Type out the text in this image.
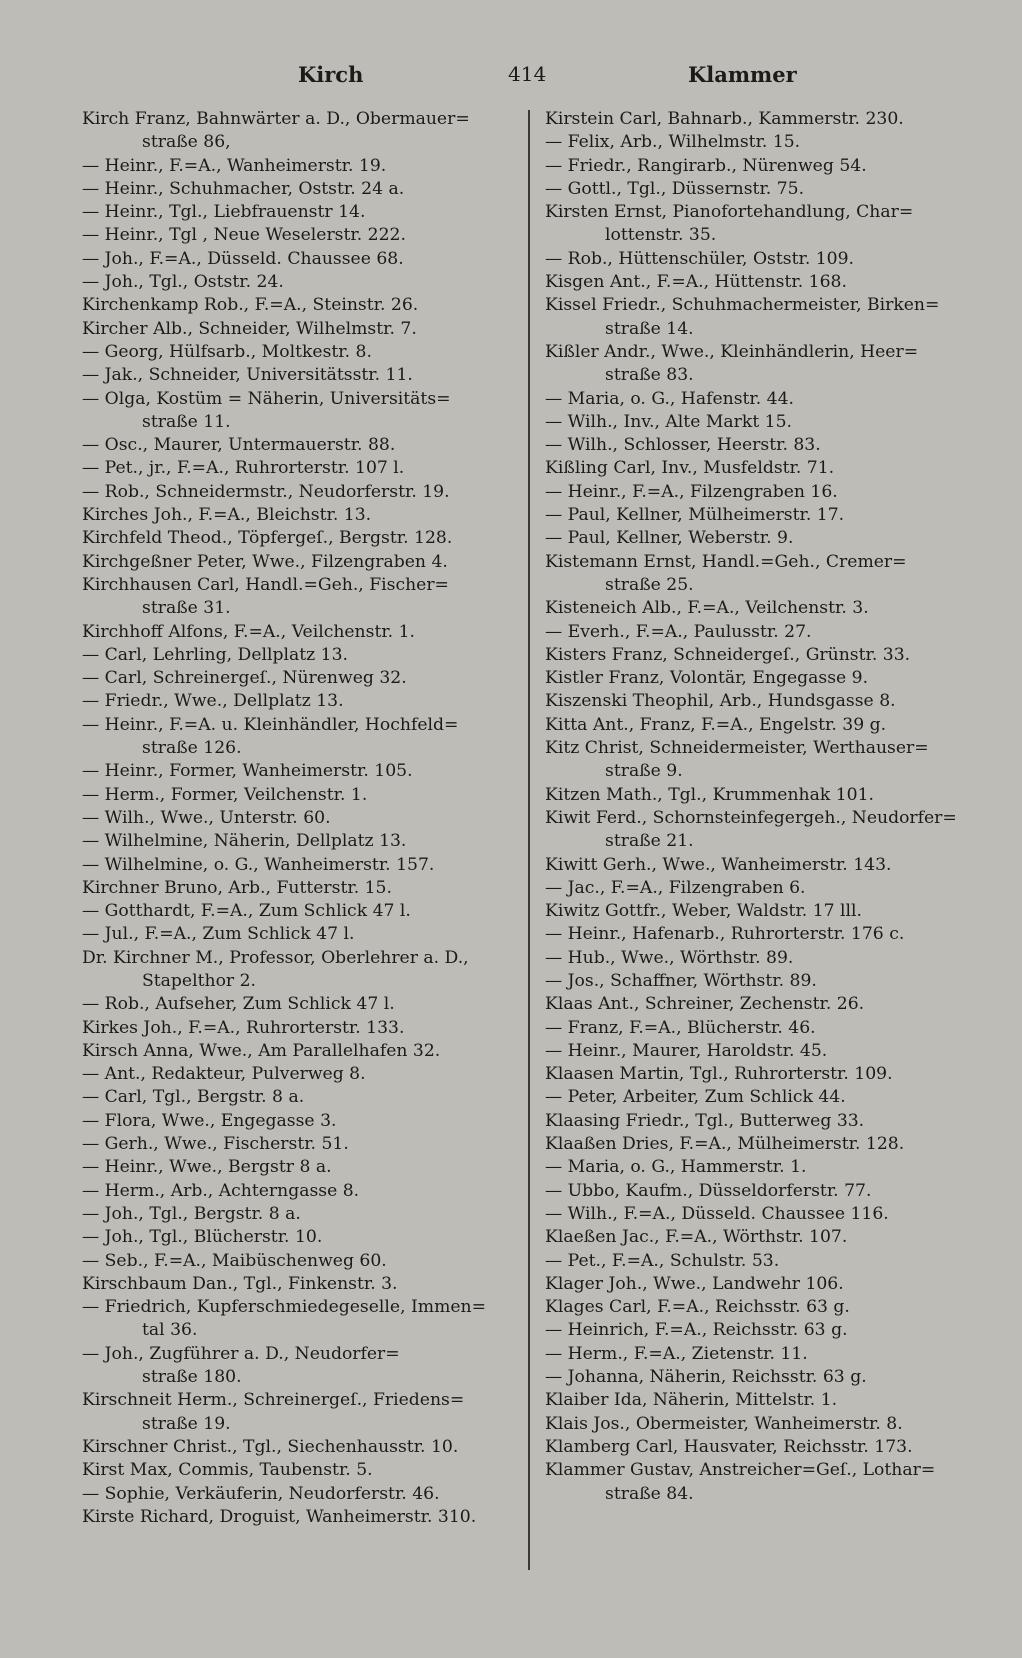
Kirch	414	Klammer

Kirch Franz, Bahnwärter a. D., Obermauer=
straße 86,

— Heinr., F.=A., Wanheimerstr. 19.

— Heinr., Schuhmacher, Oststr. 24 a.

— Heinr., Tgl., Liebfrauenstr 14.

— Heinr., Tgl , Neue Weselerstr. 222.

— Joh., F.=A., Düsseld. Chaussee 68.

— Joh., Tgl., Oststr. 24.

Kirchenkamp Rob., F.=A., Steinstr. 26.

Kircher Alb., Schneider, Wilhelmstr. 7.

— Georg, Hülfsarb., Moltkestr. 8.

— Jak., Schneider, Universitätsstr. 11.

— Olga, Kostüm = Näherin, Universitäts=
straße 11.

— Osc., Maurer, Untermauerstr. 88.

— Pet., jr., F.=A., Ruhrorterstr. 107 l.

— Rob., Schneidermstr., Neudorferstr. 19.

Kirches Joh., F.=A., Bleichstr. 13.

Kirchfeld Theod., Töpfergeſ., Bergstr. 128.

Kirchgeßner Peter, Wwe., Filzengraben 4.

Kirchhausen Carl, Handl.=Geh., Fischer=
straße 31.

Kirchhoff Alfons, F.=A., Veilchenstr. 1.

— Carl, Lehrling, Dellplatz 13.

— Carl, Schreinergeſ., Nürenweg 32.

— Friedr., Wwe., Dellplatz 13.

— Heinr., F.=A. u. Kleinhändler, Hochfeld=
straße 126.

— Heinr., Former, Wanheimerstr. 105.

— Herm., Former, Veilchenstr. 1.

— Wilh., Wwe., Unterstr. 60.

— Wilhelmine, Näherin, Dellplatz 13.

— Wilhelmine, o. G., Wanheimerstr. 157.

Kirchner Bruno, Arb., Futterstr. 15.

— Gotthardt, F.=A., Zum Schlick 47 l.

— Jul., F.=A., Zum Schlick 47 l.

Dr. Kirchner M., Professor, Oberlehrer a. D.,
Stapelthor 2.

— Rob., Aufseher, Zum Schlick 47 l.

Kirkes Joh., F.=A., Ruhrorterstr. 133.

Kirsch Anna, Wwe., Am Parallelhafen 32.

— Ant., Redakteur, Pulverweg 8.

— Carl, Tgl., Bergstr. 8 a.

— Flora, Wwe., Engegasse 3.

— Gerh., Wwe., Fischerstr. 51.

— Heinr., Wwe., Bergstr 8 a.

— Herm., Arb., Achterngasse 8.

— Joh., Tgl., Bergstr. 8 a.

— Joh., Tgl., Blücherstr. 10.

— Seb., F.=A., Maibüschenweg 60.

Kirschbaum Dan., Tgl., Finkenstr. 3.

— Friedrich, Kupferschmiedegeselle, Immen=
tal 36.

— Joh., Zugführer a. D., Neudorfer=
straße 180.

Kirschneit Herm., Schreinergeſ., Friedens=
straße 19.

Kirschner Christ., Tgl., Siechenhausstr. 10.

Kirst Max, Commis, Taubenstr. 5.

— Sophie, Verkäuferin, Neudorferstr. 46.

Kirste Richard, Droguist, Wanheimerstr. 310.

Kirstein Carl, Bahnarb., Kammerstr. 230.

— Felix, Arb., Wilhelmstr. 15.

— Friedr., Rangirarb., Nürenweg 54.

— Gottl., Tgl., Düssernstr. 75.

Kirsten Ernst, Pianofortehandlung, Char=
lottenstr. 35.

— Rob., Hüttenschüler, Oststr. 109.

Kisgen Ant., F.=A., Hüttenstr. 168.

Kissel Friedr., Schuhmachermeister, Birken=
straße 14.

Kißler Andr., Wwe., Kleinhändlerin, Heer=
straße 83.

— Maria, o. G., Hafenstr. 44.

— Wilh., Inv., Alte Markt 15.

— Wilh., Schlosser, Heerstr. 83.

Kißling Carl, Inv., Musfeldstr. 71.

— Heinr., F.=A., Filzengraben 16.

— Paul, Kellner, Mülheimerstr. 17.

— Paul, Kellner, Weberstr. 9.

Kistemann Ernst, Handl.=Geh., Cremer=
straße 25.

Kisteneich Alb., F.=A., Veilchenstr. 3.

— Everh., F.=A., Paulusstr. 27.

Kisters Franz, Schneidergeſ., Grünstr. 33.

Kistler Franz, Volontär, Engegasse 9.

Kiszenski Theophil, Arb., Hundsgasse 8.

Kitta Ant., Franz, F.=A., Engelstr. 39 g.

Kitz Christ, Schneidermeister, Werthauser=
straße 9.

Kitzen Math., Tgl., Krummenhak 101.

Kiwit Ferd., Schornsteinfegergeh., Neudorfer=
straße 21.

Kiwitt Gerh., Wwe., Wanheimerstr. 143.

— Jac., F.=A., Filzengraben 6.

Kiwitz Gottfr., Weber, Waldstr. 17 lll.

— Heinr., Hafenarb., Ruhrorterstr. 176 c.

— Hub., Wwe., Wörthstr. 89.

— Jos., Schaffner, Wörthstr. 89.

Klaas Ant., Schreiner, Zechenstr. 26.

— Franz, F.=A., Blücherstr. 46.

— Heinr., Maurer, Haroldstr. 45.

Klaasen Martin, Tgl., Ruhrorterstr. 109.

— Peter, Arbeiter, Zum Schlick 44.

Klaasing Friedr., Tgl., Butterweg 33.

Klaaßen Dries, F.=A., Mülheimerstr. 128.

— Maria, o. G., Hammerstr. 1.

— Ubbo, Kaufm., Düsseldorferstr. 77.

— Wilh., F.=A., Düsseld. Chaussee 116.

Klaeßen Jac., F.=A., Wörthstr. 107.

— Pet., F.=A., Schulstr. 53.

Klager Joh., Wwe., Landwehr 106.

Klages Carl, F.=A., Reichsstr. 63 g.

— Heinrich, F.=A., Reichsstr. 63 g.

— Herm., F.=A., Zietenstr. 11.

— Johanna, Näherin, Reichsstr. 63 g.

Klaiber Ida, Näherin, Mittelstr. 1.

Klais Jos., Obermeister, Wanheimerstr. 8.

Klamberg Carl, Hausvater, Reichsstr. 173.

Klammer Gustav, Anstreicher=Geſ., Lothar=
straße 84.
